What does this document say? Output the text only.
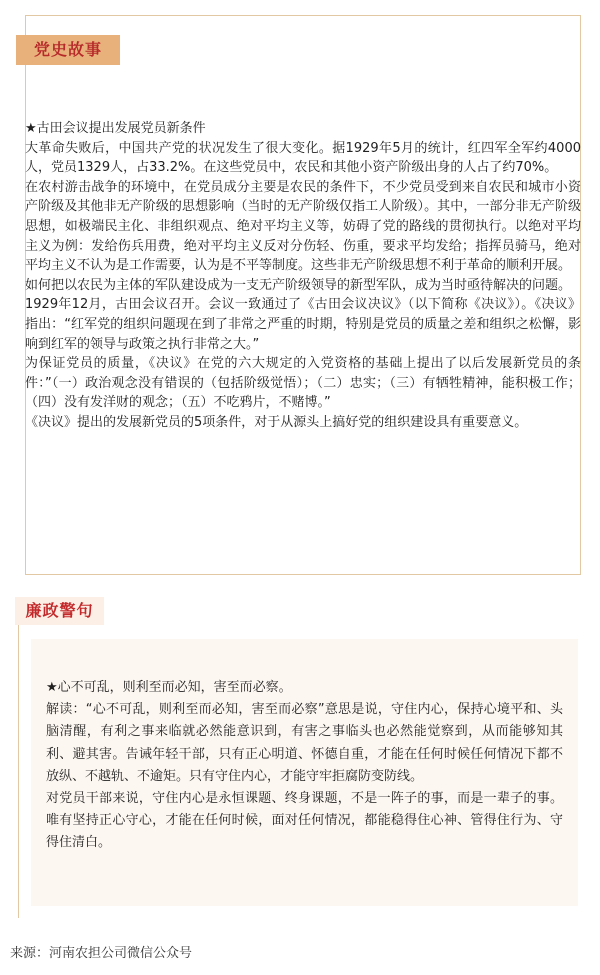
党史故事

★古田会议提出发展党员新条件

大革命失败后，中国共产党的状况发生了很大变化。据1929年5月的统计，红四军全军约4000人，党员1329人，占33.2%。在这些党员中，农民和其他小资产阶级出身的人占了约70%。

在农村游击战争的环境中，在党员成分主要是农民的条件下，不少党员受到来自农民和城市小资产阶级及其他非无产阶级的思想影响（当时的无产阶级仅指工人阶级）。其中，一部分非无产阶级思想，如极端民主化、非组织观点、绝对平均主义等，妨碍了党的路线的贯彻执行。以绝对平均主义为例：发给伤兵用费，绝对平均主义反对分伤轻、伤重，要求平均发给；指挥员骑马，绝对平均主义不认为是工作需要，认为是不平等制度。这些非无产阶级思想不利于革命的顺利开展。

如何把以农民为主体的军队建设成为一支无产阶级领导的新型军队，成为当时亟待解决的问题。

1929年12月，古田会议召开。会议一致通过了《古田会议决议》（以下简称《决议》）。《决议》指出：“红军党的组织问题现在到了非常之严重的时期，特别是党员的质量之差和组织之松懈，影响到红军的领导与政策之执行非常之大。”

为保证党员的质量，《决议》在党的六大规定的入党资格的基础上提出了以后发展新党员的条件：”（一）政治观念没有错误的（包括阶级觉悟）；（二）忠实；（三）有牺牲精神，能积极工作；（四）没有发洋财的观念；（五）不吃鸦片，不赌博。”

《决议》提出的发展新党员的5项条件，对于从源头上搞好党的组织建设具有重要意义。

廉政警句

★心不可乱，则利至而必知，害至而必察。

解读：“心不可乱，则利至而必知，害至而必察”意思是说，守住内心，保持心境平和、头脑清醒，有利之事来临就必然能意识到，有害之事临头也必然能觉察到，从而能够知其利、避其害。告诫年轻干部，只有正心明道、怀德自重，才能在任何时候任何情况下都不放纵、不越轨、不逾矩。只有守住内心，才能守牢拒腐防变防线。

对党员干部来说，守住内心是永恒课题、终身课题，不是一阵子的事，而是一辈子的事。唯有坚持正心守心，才能在任何时候，面对任何情况，都能稳得住心神、管得住行为、守得住清白。

来源：河南农担公司微信公众号
